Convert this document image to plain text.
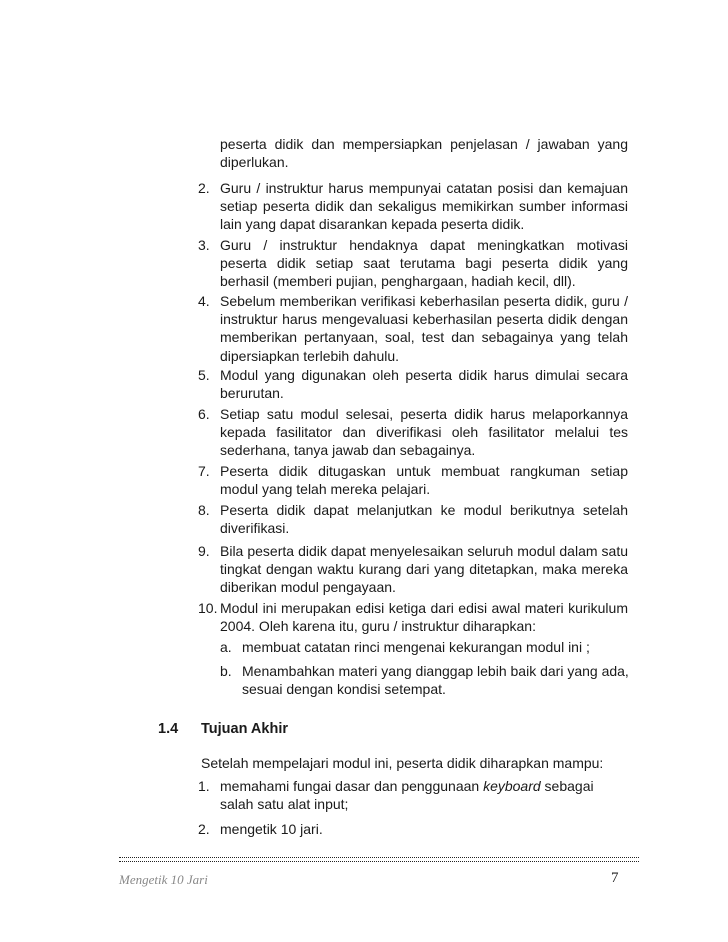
peserta didik dan mempersiapkan penjelasan / jawaban yang diperlukan.
2. Guru / instruktur harus mempunyai catatan posisi dan kemajuan setiap peserta didik dan sekaligus memikirkan sumber informasi lain yang dapat disarankan kepada peserta didik.
3. Guru / instruktur hendaknya dapat meningkatkan motivasi peserta didik setiap saat terutama bagi peserta didik yang berhasil (memberi pujian, penghargaan, hadiah kecil, dll).
4. Sebelum memberikan verifikasi keberhasilan peserta didik, guru / instruktur harus mengevaluasi keberhasilan peserta didik dengan memberikan pertanyaan, soal, test dan sebagainya yang telah dipersiapkan terlebih dahulu.
5. Modul yang digunakan oleh peserta didik harus dimulai secara berurutan.
6. Setiap satu modul selesai, peserta didik harus melaporkannya kepada fasilitator dan diverifikasi oleh fasilitator melalui tes sederhana, tanya jawab dan sebagainya.
7. Peserta didik ditugaskan untuk membuat rangkuman setiap modul yang telah mereka pelajari.
8. Peserta didik dapat melanjutkan ke modul berikutnya setelah diverifikasi.
9. Bila peserta didik dapat menyelesaikan seluruh modul dalam satu tingkat dengan waktu kurang dari yang ditetapkan, maka mereka diberikan modul pengayaan.
10. Modul ini merupakan edisi ketiga dari edisi awal materi kurikulum 2004. Oleh karena itu, guru / instruktur diharapkan:
a. membuat catatan rinci mengenai kekurangan modul ini ;
b. Menambahkan materi yang dianggap lebih baik dari yang ada, sesuai dengan kondisi setempat.
1.4 Tujuan Akhir
Setelah mempelajari modul ini, peserta didik diharapkan mampu:
1. memahami fungai dasar dan penggunaan keyboard sebagai salah satu alat input;
2. mengetik 10 jari.
Mengetik 10 Jari	7
